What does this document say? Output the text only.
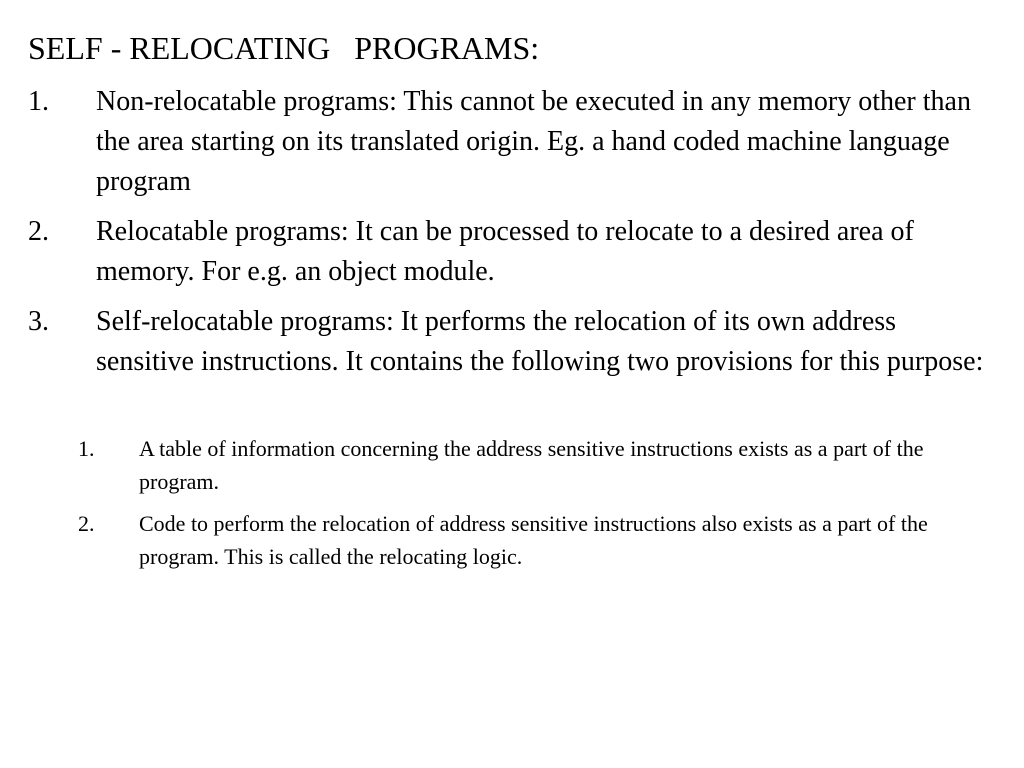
SELF - RELOCATING   PROGRAMS:
1. Non-relocatable programs: This cannot be executed in any memory other than the area starting on its translated origin. Eg. a hand coded machine language program
2. Relocatable programs: It can be processed to relocate to a desired area of memory. For e.g. an object module.
3. Self-relocatable programs: It performs the relocation of its own address sensitive instructions. It contains the following two provisions for this purpose:
1. A table of information concerning the address sensitive instructions exists as a part of the program.
2. Code to perform the relocation of address sensitive instructions also exists as a part of the program. This is called the relocating logic.
